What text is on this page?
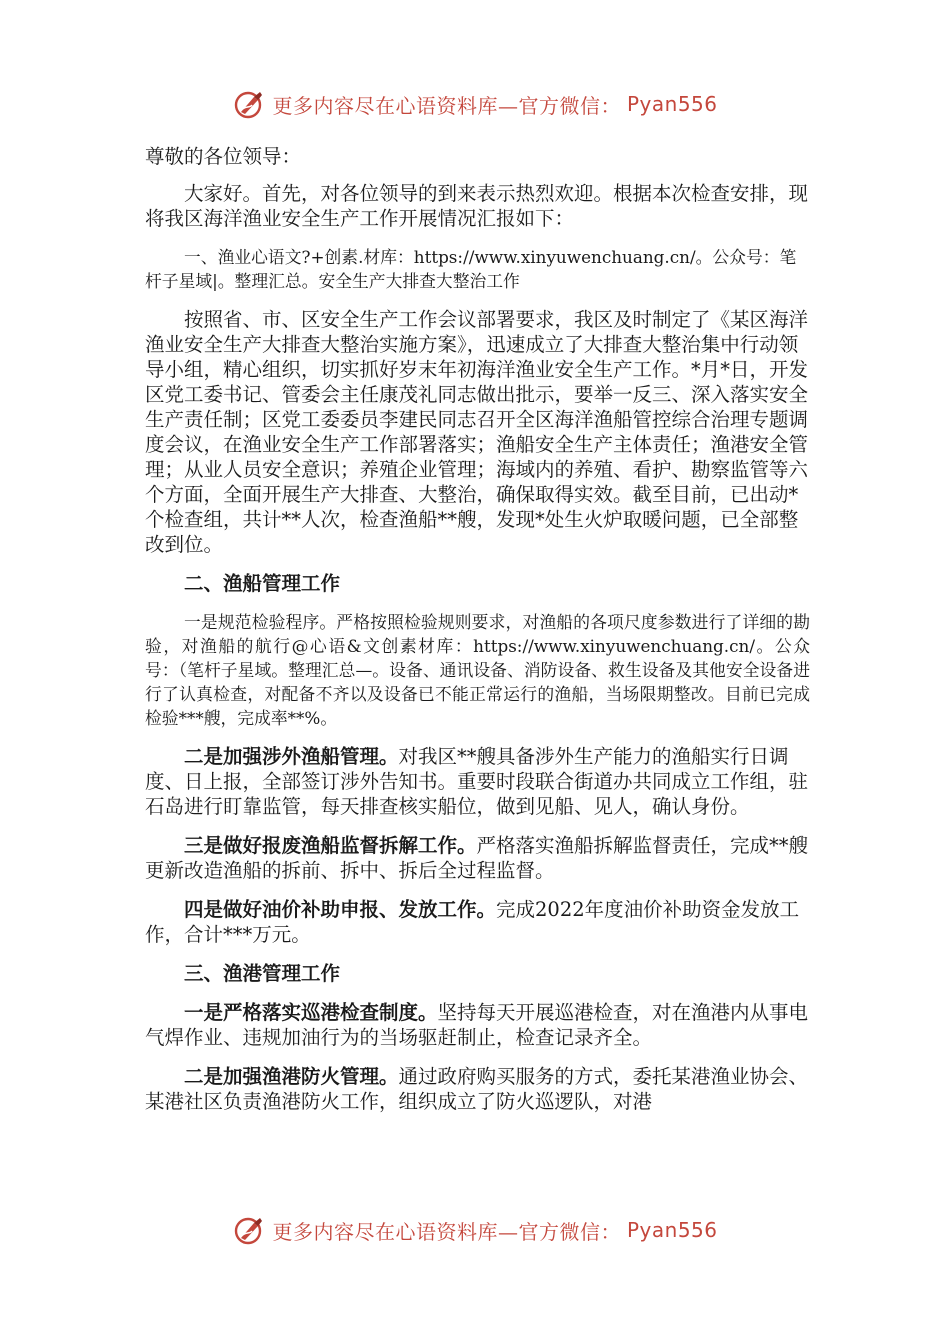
更多内容尽在心语资料库—官方微信： Pyan556

尊敬的各位领导：

大家好。首先，对各位领导的到来表示热烈欢迎。根据本次检查安排，现将我区海洋渔业安全生产工作开展情况汇报如下：

一、渔业心语文?+创素.材库：https://www.xinyuwenchuang.cn/。公众号：笔杆子星域|。整理汇总。安全生产大排查大整治工作

按照省、市、区安全生产工作会议部署要求，我区及时制定了《某区海洋渔业安全生产大排查大整治实施方案》，迅速成立了大排查大整治集中行动领导小组，精心组织，切实抓好岁末年初海洋渔业安全生产工作。*月*日，开发区党工委书记、管委会主任康茂礼同志做出批示，要举一反三、深入落实安全生产责任制；区党工委委员李建民同志召开全区海洋渔船管控综合治理专题调度会议，在渔业安全生产工作部署落实；渔船安全生产主体责任；渔港安全管理；从业人员安全意识；养殖企业管理；海域内的养殖、看护、勘察监管等六个方面，全面开展生产大排查、大整治，确保取得实效。截至目前，已出动*个检查组，共计**人次，检查渔船**艘，发现*处生火炉取暖问题，已全部整改到位。

二、渔船管理工作

一是规范检验程序。严格按照检验规则要求，对渔船的各项尺度参数进行了详细的勘验，对渔船的航行@心语&文创素材库：https://www.xinyuwenchuang.cn/。公众号：（笔杆子星域。整理汇总—。设备、通讯设备、消防设备、救生设备及其他安全设备进行了认真检查，对配备不齐以及设备已不能正常运行的渔船，当场限期整改。目前已完成检验***艘，完成率**%。

二是加强涉外渔船管理。对我区**艘具备涉外生产能力的渔船实行日调度、日上报，全部签订涉外告知书。重要时段联合街道办共同成立工作组，驻石岛进行盯靠监管，每天排查核实船位，做到见船、见人，确认身份。

三是做好报废渔船监督拆解工作。严格落实渔船拆解监督责任，完成**艘更新改造渔船的拆前、拆中、拆后全过程监督。

四是做好油价补助申报、发放工作。完成2022年度油价补助资金发放工作，合计***万元。

三、渔港管理工作

一是严格落实巡港检查制度。坚持每天开展巡港检查，对在渔港内从事电气焊作业、违规加油行为的当场驱赶制止，检查记录齐全。

二是加强渔港防火管理。通过政府购买服务的方式，委托某港渔业协会、某港社区负责渔港防火工作，组织成立了防火巡逻队，对港

更多内容尽在心语资料库—官方微信： Pyan556
